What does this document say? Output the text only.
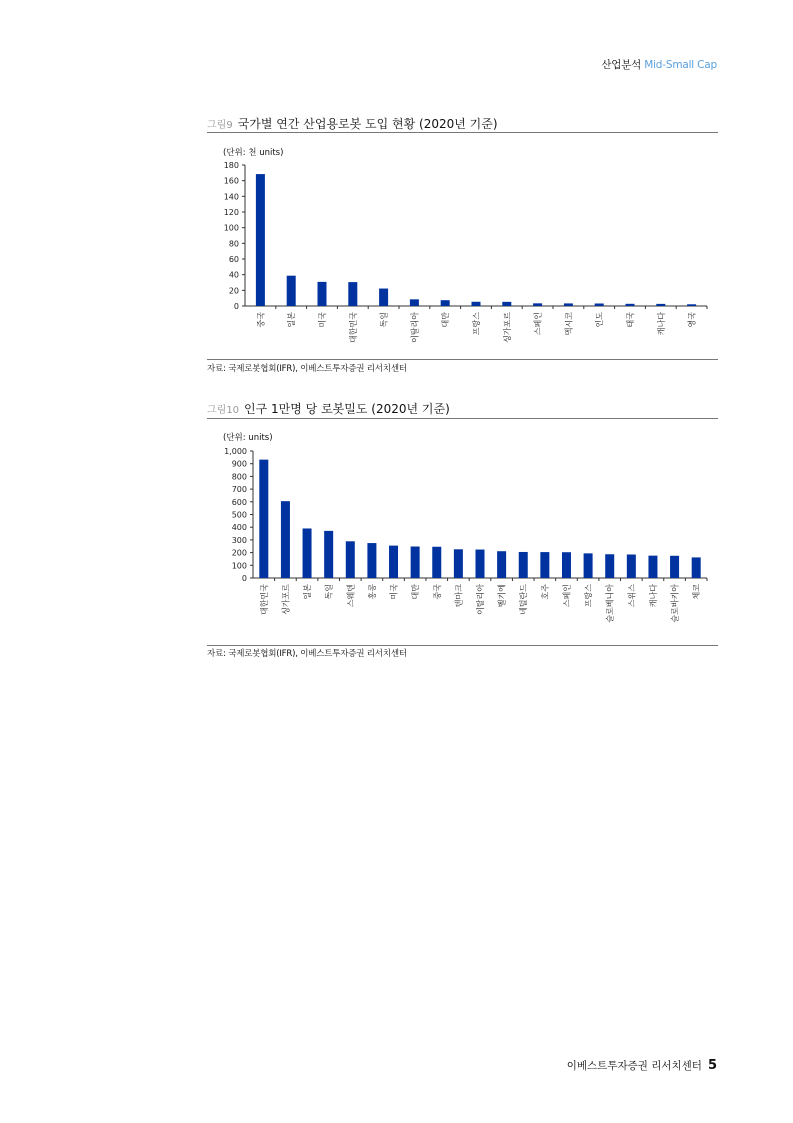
산업분석 Mid-Small Cap
그림9 국가별 연간 산업용로봇 도입 현황 (2020년 기준)
(단위: 천 units)
0
20
40
60
80
100
120
140
160
180
중국	일본	미국	대한민국	독일	이탈리아	대만	프랑스	싱가포르	스페인	멕시코	인도	태국	캐나다	영국
자료: 국제로봇협회(IFR), 이베스트투자증권 리서치센터
그림10 인구 1만명 당 로봇밀도 (2020년 기준)
(단위: units)
0
100
200
300
400
500
600
700
800
900
1,000
대한민국 싱가포르 일본 독일 스웨덴 홍콩 미국 대만 중국 덴마크 이탈리아 벨기에 네덜란드 호주 스페인 프랑스 슬로베니아 스위스 캐나다 슬로바키아 체코
자료: 국제로봇협회(IFR), 이베스트투자증권 리서치센터
이베스트투자증권 리서치센터 5
